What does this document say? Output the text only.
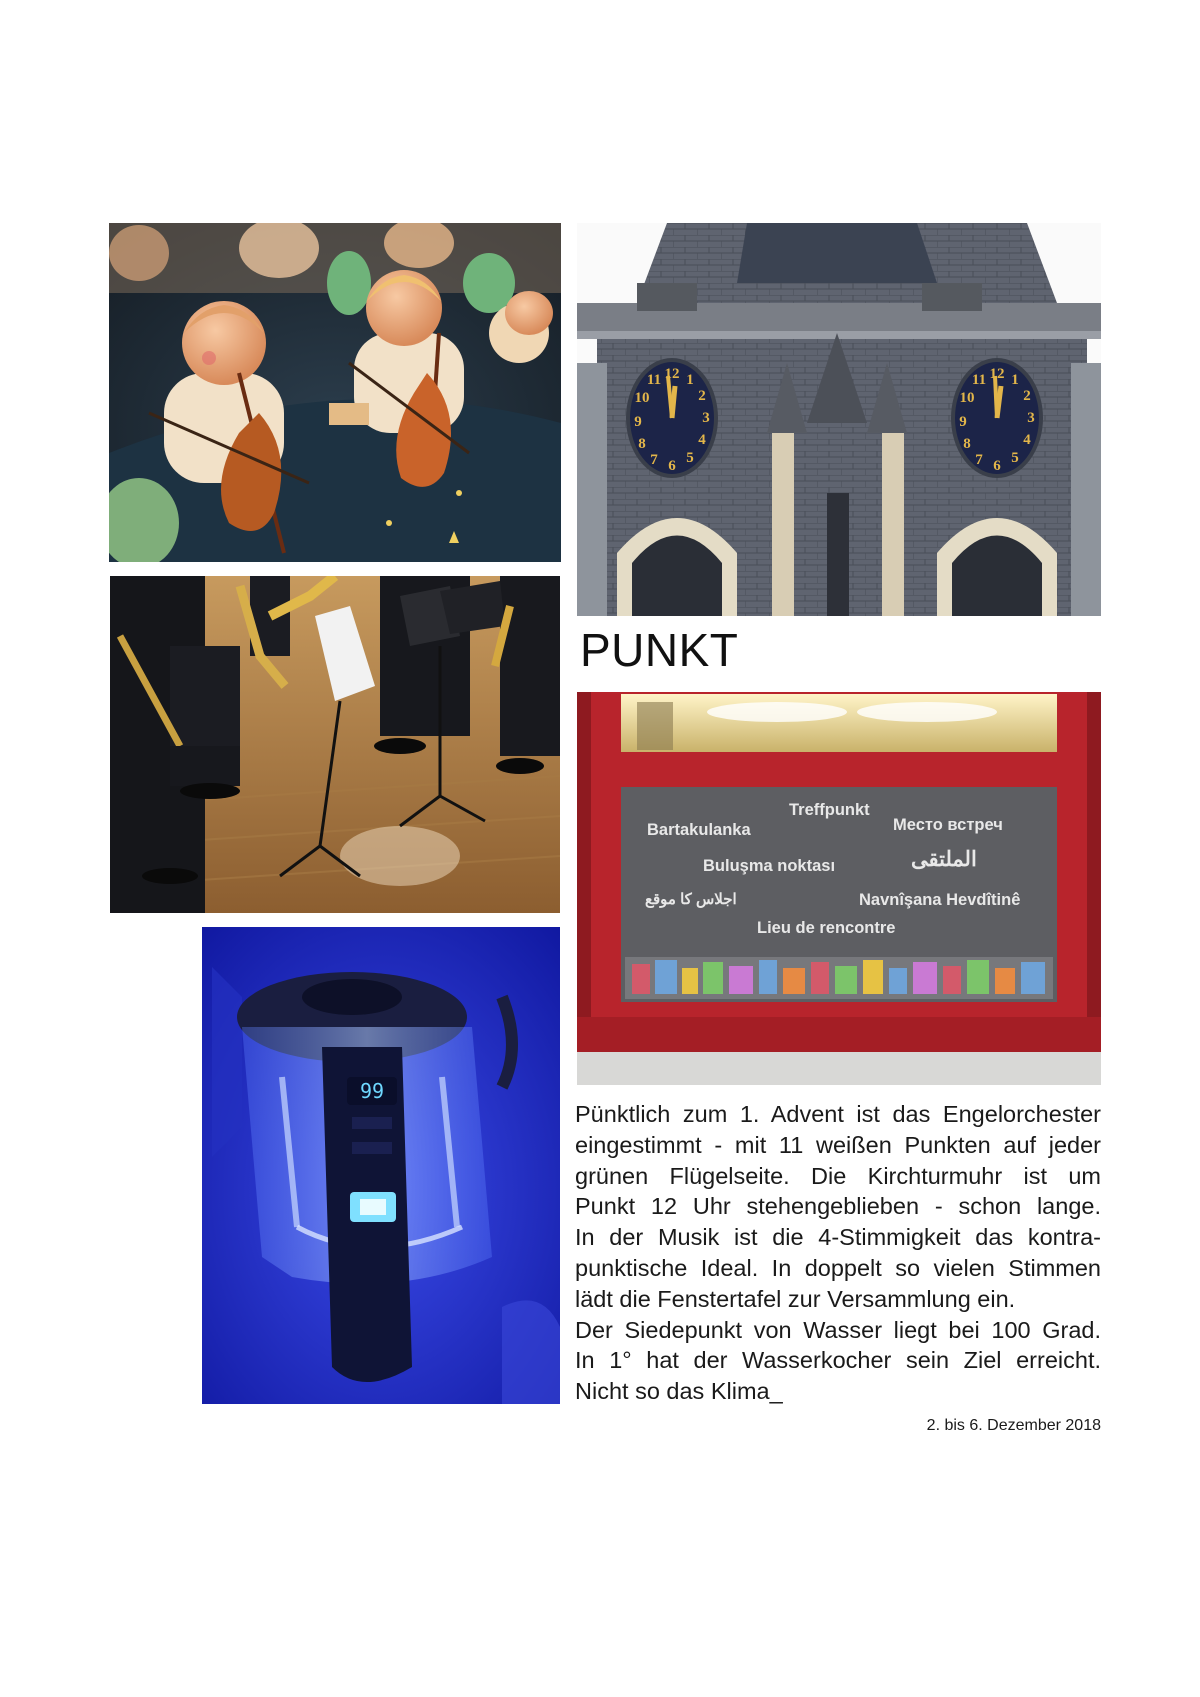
12 1
2
3
4
5
6
7
8
9
10
11	12 1
2
3
4
5
6
7
8
9
10
11
Treffpunkt
Bartakulanka	Место встреч
Buluşma noktası	الملتقى
اجلاس کا موقع	Navnîşana Hevdîtinê
Lieu de rencontre
99
PUNKT
Pünktlich zum 1. Advent ist das Engelorchester
eingestimmt - mit 11 weißen Punkten auf jeder
grünen Flügelseite. Die Kirchturmuhr ist um
Punkt 12 Uhr stehengeblieben - schon lange.
In der Musik ist die 4-Stimmigkeit das kontra-
punktische Ideal. In doppelt so vielen Stimmen
lädt die Fenstertafel zur Versammlung ein.
Der Siedepunkt von Wasser liegt bei 100 Grad.
In 1° hat der Wasserkocher sein Ziel erreicht.
Nicht so das Klima_
2. bis 6. Dezember 2018
